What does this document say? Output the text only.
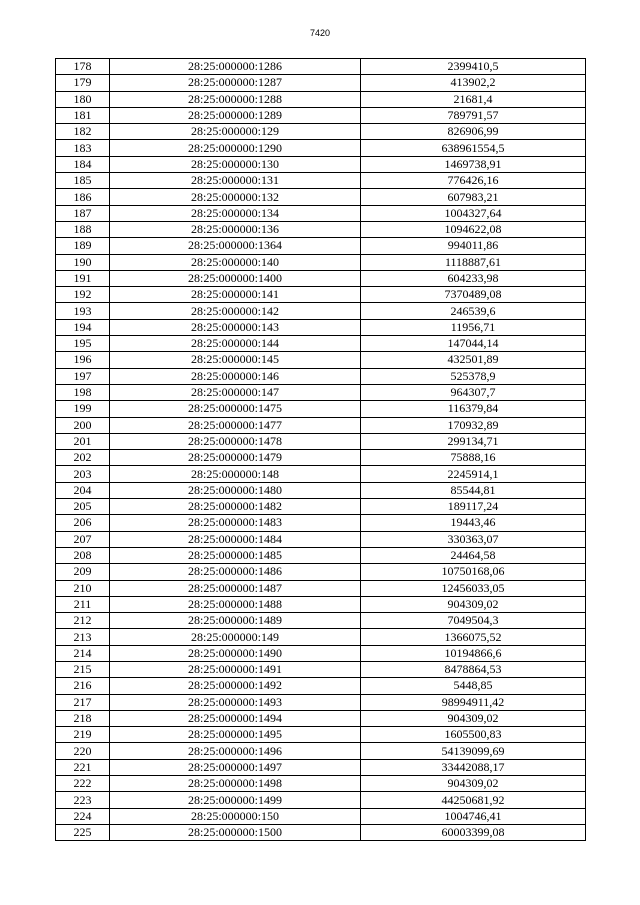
7420
178	28:25:000000:1286	2399410,5
179	28:25:000000:1287	413902,2
180	28:25:000000:1288	21681,4
181	28:25:000000:1289	789791,57
182	28:25:000000:129	826906,99
183	28:25:000000:1290	638961554,5
184	28:25:000000:130	1469738,91
185	28:25:000000:131	776426,16
186	28:25:000000:132	607983,21
187	28:25:000000:134	1004327,64
188	28:25:000000:136	1094622,08
189	28:25:000000:1364	994011,86
190	28:25:000000:140	1118887,61
191	28:25:000000:1400	604233,98
192	28:25:000000:141	7370489,08
193	28:25:000000:142	246539,6
194	28:25:000000:143	11956,71
195	28:25:000000:144	147044,14
196	28:25:000000:145	432501,89
197	28:25:000000:146	525378,9
198	28:25:000000:147	964307,7
199	28:25:000000:1475	116379,84
200	28:25:000000:1477	170932,89
201	28:25:000000:1478	299134,71
202	28:25:000000:1479	75888,16
203	28:25:000000:148	2245914,1
204	28:25:000000:1480	85544,81
205	28:25:000000:1482	189117,24
206	28:25:000000:1483	19443,46
207	28:25:000000:1484	330363,07
208	28:25:000000:1485	24464,58
209	28:25:000000:1486	10750168,06
210	28:25:000000:1487	12456033,05
211	28:25:000000:1488	904309,02
212	28:25:000000:1489	7049504,3
213	28:25:000000:149	1366075,52
214	28:25:000000:1490	10194866,6
215	28:25:000000:1491	8478864,53
216	28:25:000000:1492	5448,85
217	28:25:000000:1493	98994911,42
218	28:25:000000:1494	904309,02
219	28:25:000000:1495	1605500,83
220	28:25:000000:1496	54139099,69
221	28:25:000000:1497	33442088,17
222	28:25:000000:1498	904309,02
223	28:25:000000:1499	44250681,92
224	28:25:000000:150	1004746,41
225	28:25:000000:1500	60003399,08
